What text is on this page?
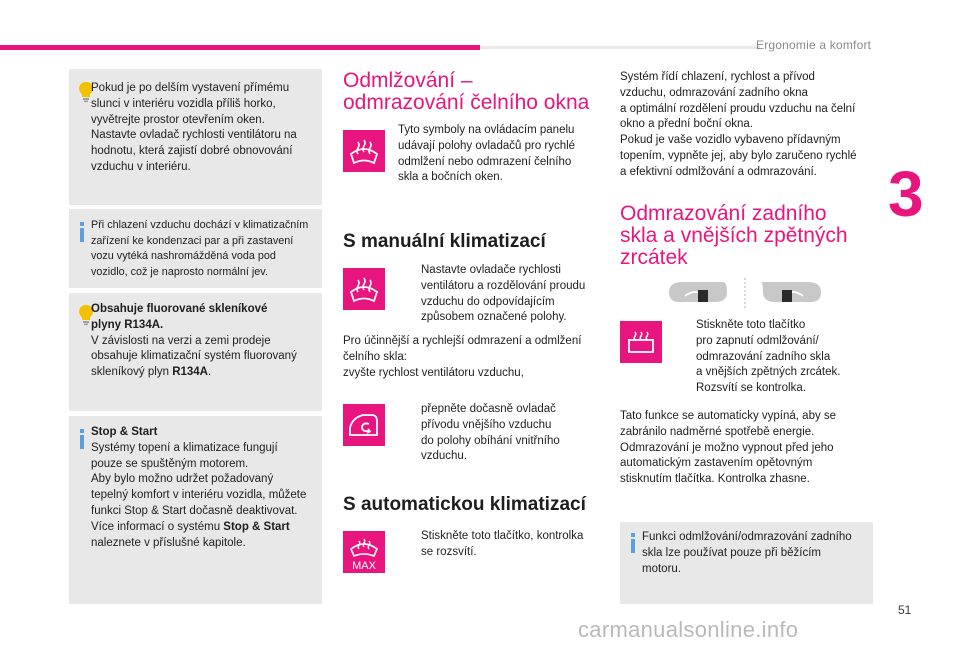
Ergonomie a komfort
3
51
carmanualsonline.info

Pokud je po delším vystavení přímému

slunci v interiéru vozidla příliš horko,

vyvětrejte prostor otevřením oken.

Nastavte ovladač rychlosti ventilátoru na

hodnotu, která zajistí dobré obnovování

vzduchu v interiéru.

Při chlazení vzduchu dochází v klimatizačním

zařízení ke kondenzaci par a při zastavení

vozu vytéká nashromážděná voda pod

vozidlo, což je naprosto normální jev.

Obsahuje fluorované skleníkové

plyny R134A.

V závislosti na verzi a zemi prodeje

obsahuje klimatizační systém fluorovaný

skleníkový plyn R134A.

Stop & Start

Systémy topení a klimatizace fungují

pouze se spuštěným motorem.

Aby bylo možno udržet požadovaný

tepelný komfort v interiéru vozidla, můžete

funkci Stop & Start dočasně deaktivovat.

Více informací o systému Stop & Start

naleznete v příslušné kapitole.

Odmlžování –
odmrazování čelního okna
Tyto symboly na ovládacím panelu
udávají polohy ovladačů pro rychlé
odmlžení nebo odmrazení čelního
skla a bočních oken.
S manuální klimatizací
Nastavte ovladače rychlosti
ventilátoru a rozdělování proudu
vzduchu do odpovídajícím
způsobem označené polohy.
Pro účinnější a rychlejší odmrazení a odmlžení
čelního skla:
zvyšte rychlost ventilátoru vzduchu,
přepněte dočasně ovladač
přívodu vnějšího vzduchu
do polohy obíhání vnitřního
vzduchu.
S automatickou klimatizací
MAX
Stiskněte toto tlačítko, kontrolka
se rozsvítí.
Systém řídí chlazení, rychlost a přívod
vzduchu, odmrazování zadního okna
a optimální rozdělení proudu vzduchu na čelní
okno a přední boční okna.
Pokud je vaše vozidlo vybaveno přídavným
topením, vypněte jej, aby bylo zaručeno rychlé
a efektivní odmlžování a odmrazování.
Odmrazování zadního
skla a vnějších zpětných
zrcátek
Stiskněte toto tlačítko
pro zapnutí odmlžování/
odmrazování zadního skla
a vnějších zpětných zrcátek.
Rozsvítí se kontrolka.
Tato funkce se automaticky vypíná, aby se
zabránilo nadměrné spotřebě energie.
Odmrazování je možno vypnout před jeho
automatickým zastavením opětovným
stisknutím tlačítka. Kontrolka zhasne.
Funkci odmlžování/odmrazování zadního
skla lze používat pouze při běžícím
motoru.
